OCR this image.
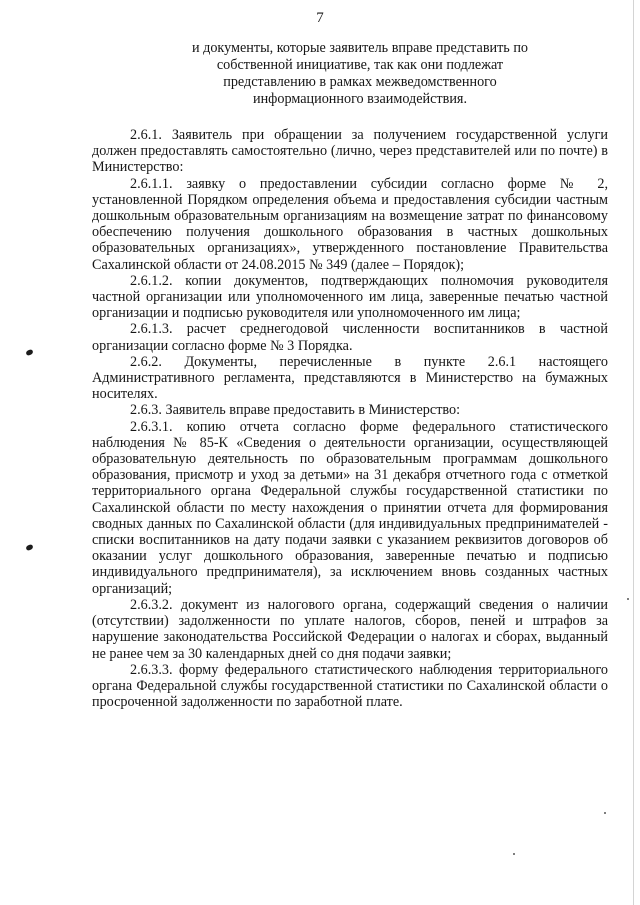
7
и документы, которые заявитель вправе представить по собственной инициативе, так как они подлежат представлению в рамках межведомственного информационного взаимодействия.

2.6.1. Заявитель при обращении за получением государственной услуги должен предоставлять самостоятельно (лично, через представителей или по почте) в Министерство:

2.6.1.1. заявку о предоставлении субсидии согласно форме № 2, установленной Порядком определения объема и предоставления субсидии частным дошкольным образовательным организациям на возмещение затрат по финансовому обеспечению получения дошкольного образования в частных дошкольных образовательных организациях», утвержденного постановление Правительства Сахалинской области от 24.08.2015 № 349 (далее – Порядок);

2.6.1.2. копии документов, подтверждающих полномочия руководителя частной организации или уполномоченного им лица, заверенные печатью частной организации и подписью руководителя или уполномоченного им лица;

2.6.1.3. расчет среднегодовой численности воспитанников в частной организации согласно форме № 3 Порядка.

2.6.2. Документы, перечисленные в пункте 2.6.1 настоящего Административного регламента, представляются в Министерство на бумажных носителях.

2.6.3. Заявитель вправе предоставить в Министерство:

2.6.3.1. копию отчета согласно форме федерального статистического наблюдения № 85-К «Сведения о деятельности организации, осуществляющей образовательную деятельность по образовательным программам дошкольного образования, присмотр и уход за детьми» на 31 декабря отчетного года с отметкой территориального органа Федеральной службы государственной статистики по Сахалинской области по месту нахождения о принятии отчета для формирования сводных данных по Сахалинской области (для индивидуальных предпринимателей - списки воспитанников на дату подачи заявки с указанием реквизитов договоров об оказании услуг дошкольного образования, заверенные печатью и подписью индивидуального предпринимателя), за исключением вновь созданных частных организаций;

2.6.3.2. документ из налогового органа, содержащий сведения о наличии (отсутствии) задолженности по уплате налогов, сборов, пеней и штрафов за нарушение законодательства Российской Федерации о налогах и сборах, выданный не ранее чем за 30 календарных дней со дня подачи заявки;

2.6.3.3. форму федерального статистического наблюдения территориального органа Федеральной службы государственной статистики по Сахалинской области о просроченной задолженности по заработной плате.
